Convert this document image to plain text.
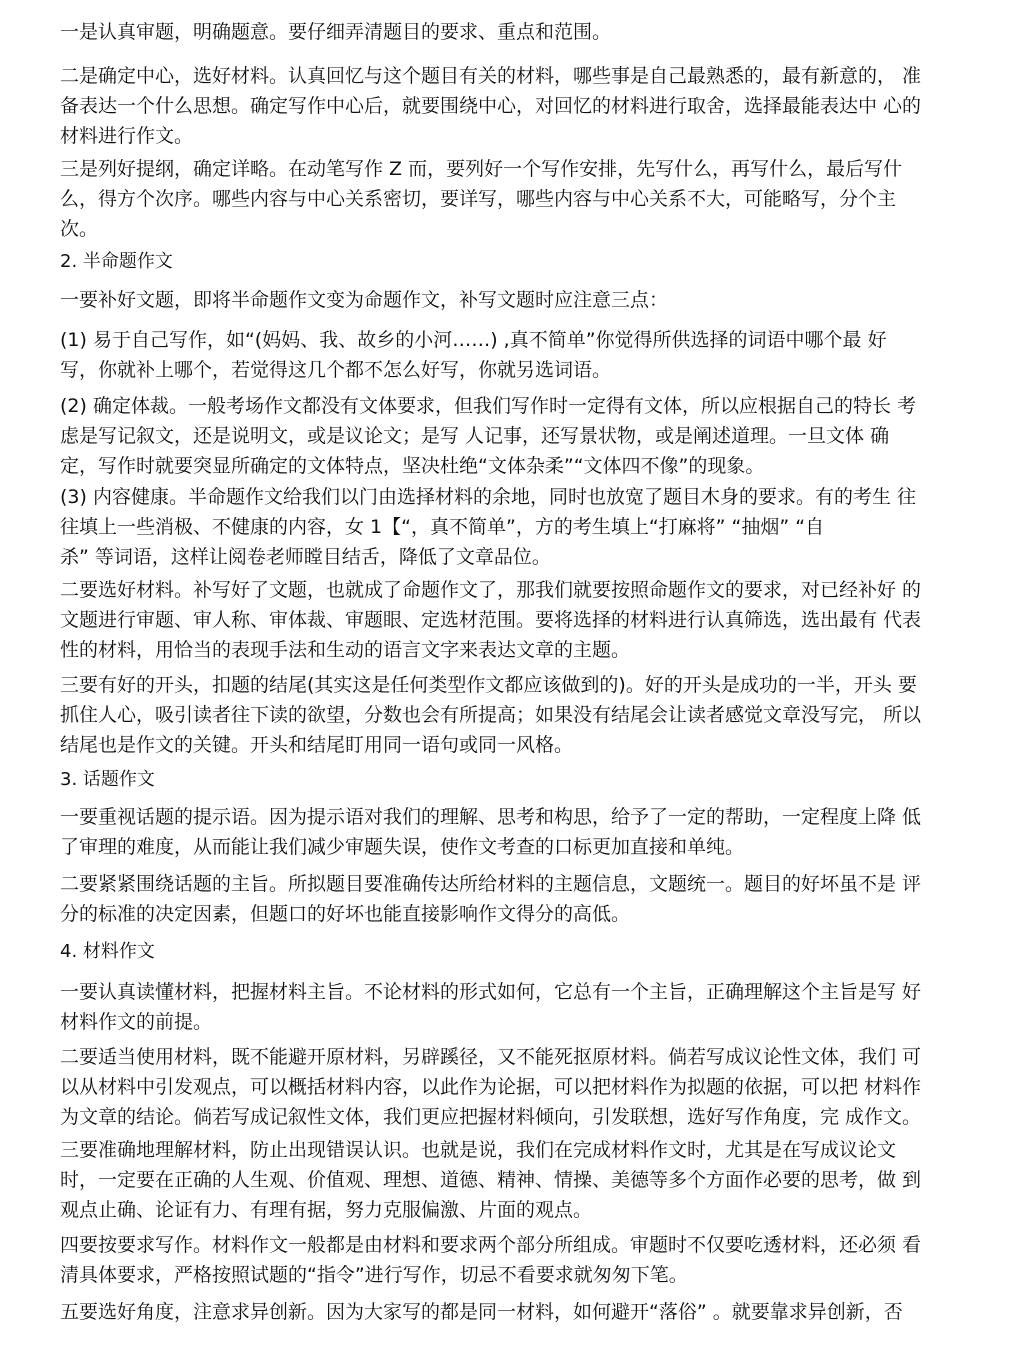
一是认真审题，明确题意。要仔细弄清题目的要求、重点和范围。
二是确定中心，选好材料。认真回忆与这个题目有关的材料，哪些事是自己最熟悉的，最有新意的， 准
备表达一个什么思想。确定写作中心后，就要围绕中心，对回忆的材料进行取舍，选择最能表达中 心的
材料进行作文。
三是列好提纲，确定详略。在动笔写作 Z 而，要列好一个写作安排，先写什么，再写什么，最后写什
么，得方个次序。哪些内容与中心关系密切，要详写，哪些内容与中心关系不大，可能略写，分个主
次。
2. 半命题作文
一要补好文题，即将半命题作文变为命题作文，补写文题时应注意三点：
(1) 易于自己写作，如“(妈妈、我、故乡的小河……) ,真不简单”你觉得所供选择的词语中哪个最 好
写，你就补上哪个，若觉得这几个都不怎么好写，你就另选词语。
(2) 确定体裁。一般考场作文都没有文体要求，但我们写作时一定得有文体，所以应根据自己的特长 考
虑是写记叙文，还是说明文，或是议论文；是写 人记事，还写景状物，或是阐述道理。一旦文体 确
定，写作时就要突显所确定的文体特点，坚决杜绝“文体杂柔”“文体四不像”的现象。
(3) 内容健康。半命题作文给我们以门由选择材料的余地，同时也放宽了题目木身的要求。有的考生 往
往填上一些消极、不健康的内容，女 1【“，真不简单”，方的考生填上“打麻将” “抽烟” “自
杀” 等词语，这样让阅卷老师瞠目结舌，降低了文章品位。
二要选好材料。补写好了文题，也就成了命题作文了，那我们就要按照命题作文的要求，对已经补好 的
文题进行审题、审人称、审体裁、审题眼、定选材范围。要将选择的材料进行认真筛选，选出最有 代表
性的材料，用恰当的表现手法和生动的语言文字来表达文章的主题。
三要有好的开头，扣题的结尾(其实这是任何类型作文都应该做到的)。好的开头是成功的一半，开头 要
抓住人心，吸引读者往下读的欲望，分数也会有所提高；如果没有结尾会让读者感觉文章没写完， 所以
结尾也是作文的关键。开头和结尾盯用同一语句或同一风格。
3. 话题作文
一要重视话题的提示语。因为提示语对我们的理解、思考和构思，给予了一定的帮助，一定程度上降 低
了审理的难度，从而能让我们减少审题失误，使作文考查的口标更加直接和单纯。
二要紧紧围绕话题的主旨。所拟题目要准确传达所给材料的主题信息，文题统一。题目的好坏虽不是 评
分的标准的决定因素，但题口的好坏也能直接影响作文得分的高低。
4. 材料作文
一要认真读懂材料，把握材料主旨。不论材料的形式如何，它总有一个主旨，正确理解这个主旨是写 好
材料作文的前提。
二要适当使用材料，既不能避开原材料，另辟蹊径，又不能死抠原材料。倘若写成议论性文体，我们 可
以从材料中引发观点，可以概括材料内容，以此作为论据，可以把材料作为拟题的依据，可以把 材料作
为文章的结论。倘若写成记叙性文体，我们更应把握材料倾向，引发联想，选好写作角度，完 成作文。
三要准确地理解材料，防止出现错误认识。也就是说，我们在完成材料作文时，尤其是在写成议论文
时，一定要在正确的人生观、价值观、理想、道德、精神、情操、美德等多个方面作必要的思考，做 到
观点止确、论证有力、有理有据，努力克服偏激、片面的观点。
四要按要求写作。材料作文一般都是由材料和要求两个部分所组成。审题时不仅要吃透材料，还必须 看
清具体要求，严格按照试题的“指令”进行写作，切忌不看要求就匆匆下笔。
五要选好角度，注意求异创新。因为大家写的都是同一材料，如何避开“落俗” 。就要靠求异创新，否
